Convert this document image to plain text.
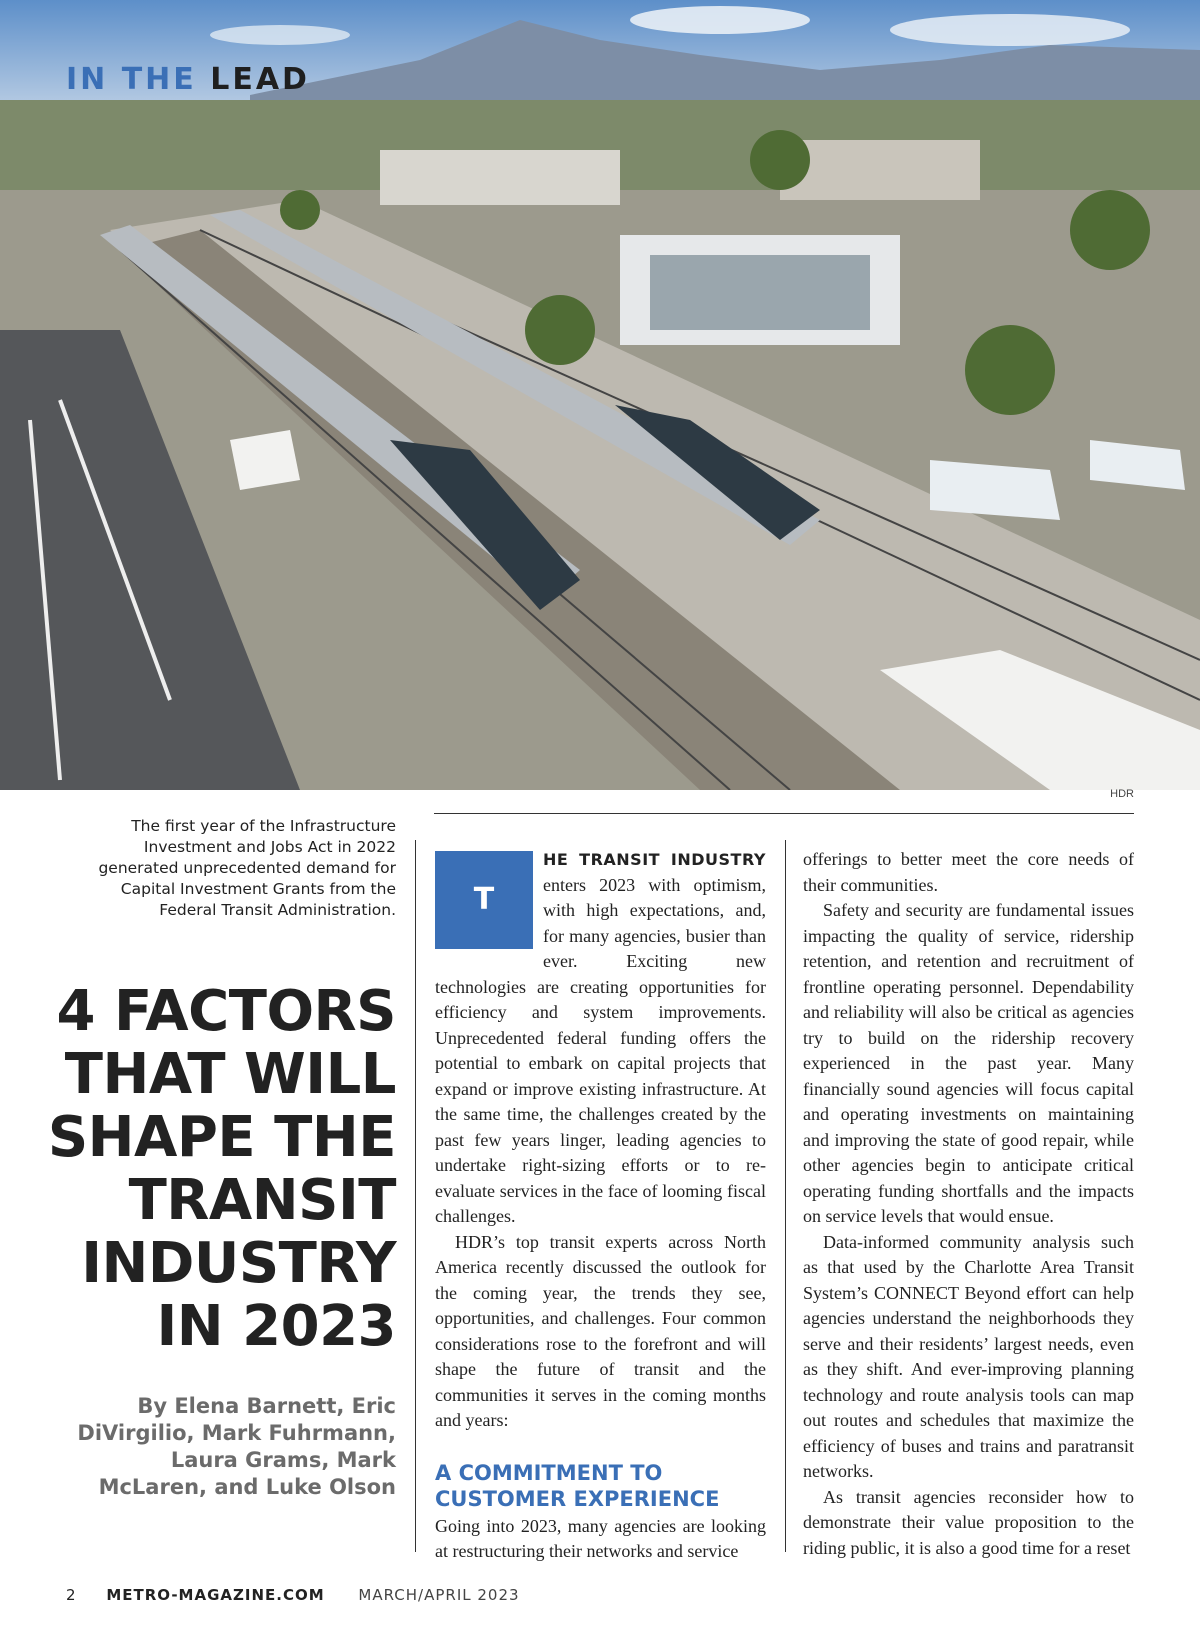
IN THE LEAD
HDR
The first year of the Infrastructure Investment and Jobs Act in 2022 generated unprecedented demand for Capital Investment Grants from the Federal Transit Administration.
4 FACTORS
THAT WILL
SHAPE THE
TRANSIT
INDUSTRY
IN 2023
By Elena Barnett, Eric DiVirgilio, Mark Fuhrmann, Laura Grams, Mark McLaren, and Luke Olson

T
HE TRANSIT INDUSTRY enters 2023 with optimism, with high expectations, and, for many agencies, busier than ever. Exciting new technologies are creating opportunities for efficiency and system improvements. Unprecedented federal funding offers the potential to embark on capital projects that expand or improve existing infrastructure. At the same time, the challenges created by the past few years linger, leading agencies to undertake right-sizing efforts or to re-evaluate services in the face of looming fiscal challenges.

HDR’s top transit experts across North America recently discussed the outlook for the coming year, the trends they see, opportunities, and challenges. Four common considerations rose to the forefront and will shape the future of transit and the communities it serves in the coming months and years:

A COMMITMENT TO CUSTOMER EXPERIENCE

Going into 2023, many agencies are looking at restructuring their networks and service

offerings to better meet the core needs of their communities.

Safety and security are fundamental issues impacting the quality of service, ridership retention, and retention and recruitment of frontline operating personnel. Dependability and reliability will also be critical as agencies try to build on the ridership recovery experienced in the past year. Many financially sound agencies will focus capital and operating investments on maintaining and improving the state of good repair, while other agencies begin to anticipate critical operating funding shortfalls and the impacts on service levels that would ensue.

Data-informed community analysis such as that used by the Charlotte Area Transit System’s CONNECT Beyond effort can help agencies understand the neighborhoods they serve and their residents’ largest needs, even as they shift. And ever-improving planning technology and route analysis tools can map out routes and schedules that maximize the efficiency of buses and trains and paratransit networks.

As transit agencies reconsider how to demonstrate their value proposition to the riding public, it is also a good time for a reset

2 METRO-MAGAZINE.COM MARCH/APRIL 2023
